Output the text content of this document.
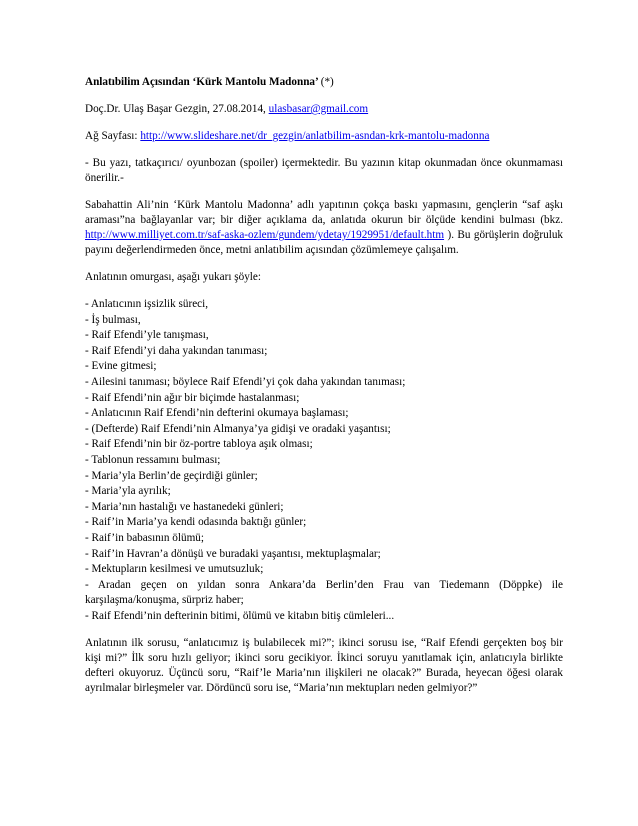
Anlatıbilim Açısından ‘Kürk Mantolu Madonna’ (*)

Doç.Dr. Ulaş Başar Gezgin, 27.08.2014, ulasbasar@gmail.com

Ağ Sayfası: http://www.slideshare.net/dr_gezgin/anlatbilim-asndan-krk-mantolu-madonna

- Bu yazı, tatkaçırıcı/ oyunbozan (spoiler) içermektedir. Bu yazının kitap okunmadan önce okunmaması önerilir.-

Sabahattin Ali’nin ‘Kürk Mantolu Madonna’ adlı yapıtının çokça baskı yapmasını, gençlerin “saf aşkı araması”na bağlayanlar var; bir diğer açıklama da, anlatıda okurun bir ölçüde kendini bulması (bkz. http://www.milliyet.com.tr/saf-aska-ozlem/gundem/ydetay/1929951/default.htm ). Bu görüşlerin doğruluk payını değerlendirmeden önce, metni anlatıbilim açısından çözümlemeye çalışalım.

Anlatının omurgası, aşağı yukarı şöyle:

- Anlatıcının işsizlik süreci,
- İş bulması,
- Raif Efendi’yle tanışması,
- Raif Efendi’yi daha yakından tanıması;
- Evine gitmesi;
- Ailesini tanıması; böylece Raif Efendi’yi çok daha yakından tanıması;
- Raif Efendi’nin ağır bir biçimde hastalanması;
- Anlatıcının Raif Efendi’nin defterini okumaya başlaması;
- (Defterde) Raif Efendi’nin Almanya’ya gidişi ve oradaki yaşantısı;
- Raif Efendi’nin bir öz-portre tabloya aşık olması;
- Tablonun ressamını bulması;
- Maria’yla Berlin’de geçirdiği günler;
- Maria’yla ayrılık;
- Maria’nın hastalığı ve hastanedeki günleri;
- Raif’in Maria’ya kendi odasında baktığı günler;
- Raif’in babasının ölümü;
- Raif’in Havran’a dönüşü ve buradaki yaşantısı, mektuplaşmalar;
- Mektupların kesilmesi ve umutsuzluk;
- Aradan geçen on yıldan sonra Ankara’da Berlin’den Frau van Tiedemann (Döppke) ile karşılaşma/konuşma, sürpriz haber;
- Raif Efendi’nin defterinin bitimi, ölümü ve kitabın bitiş cümleleri...

Anlatının ilk sorusu, “anlatıcımız iş bulabilecek mi?”; ikinci sorusu ise, “Raif Efendi gerçekten boş bir kişi mi?” İlk soru hızlı geliyor; ikinci soru gecikiyor. İkinci soruyu yanıtlamak için, anlatıcıyla birlikte defteri okuyoruz. Üçüncü soru, “Raif’le Maria’nın ilişkileri ne olacak?” Burada, heyecan öğesi olarak ayrılmalar birleşmeler var. Dördüncü soru ise, “Maria’nın mektupları neden gelmiyor?”
